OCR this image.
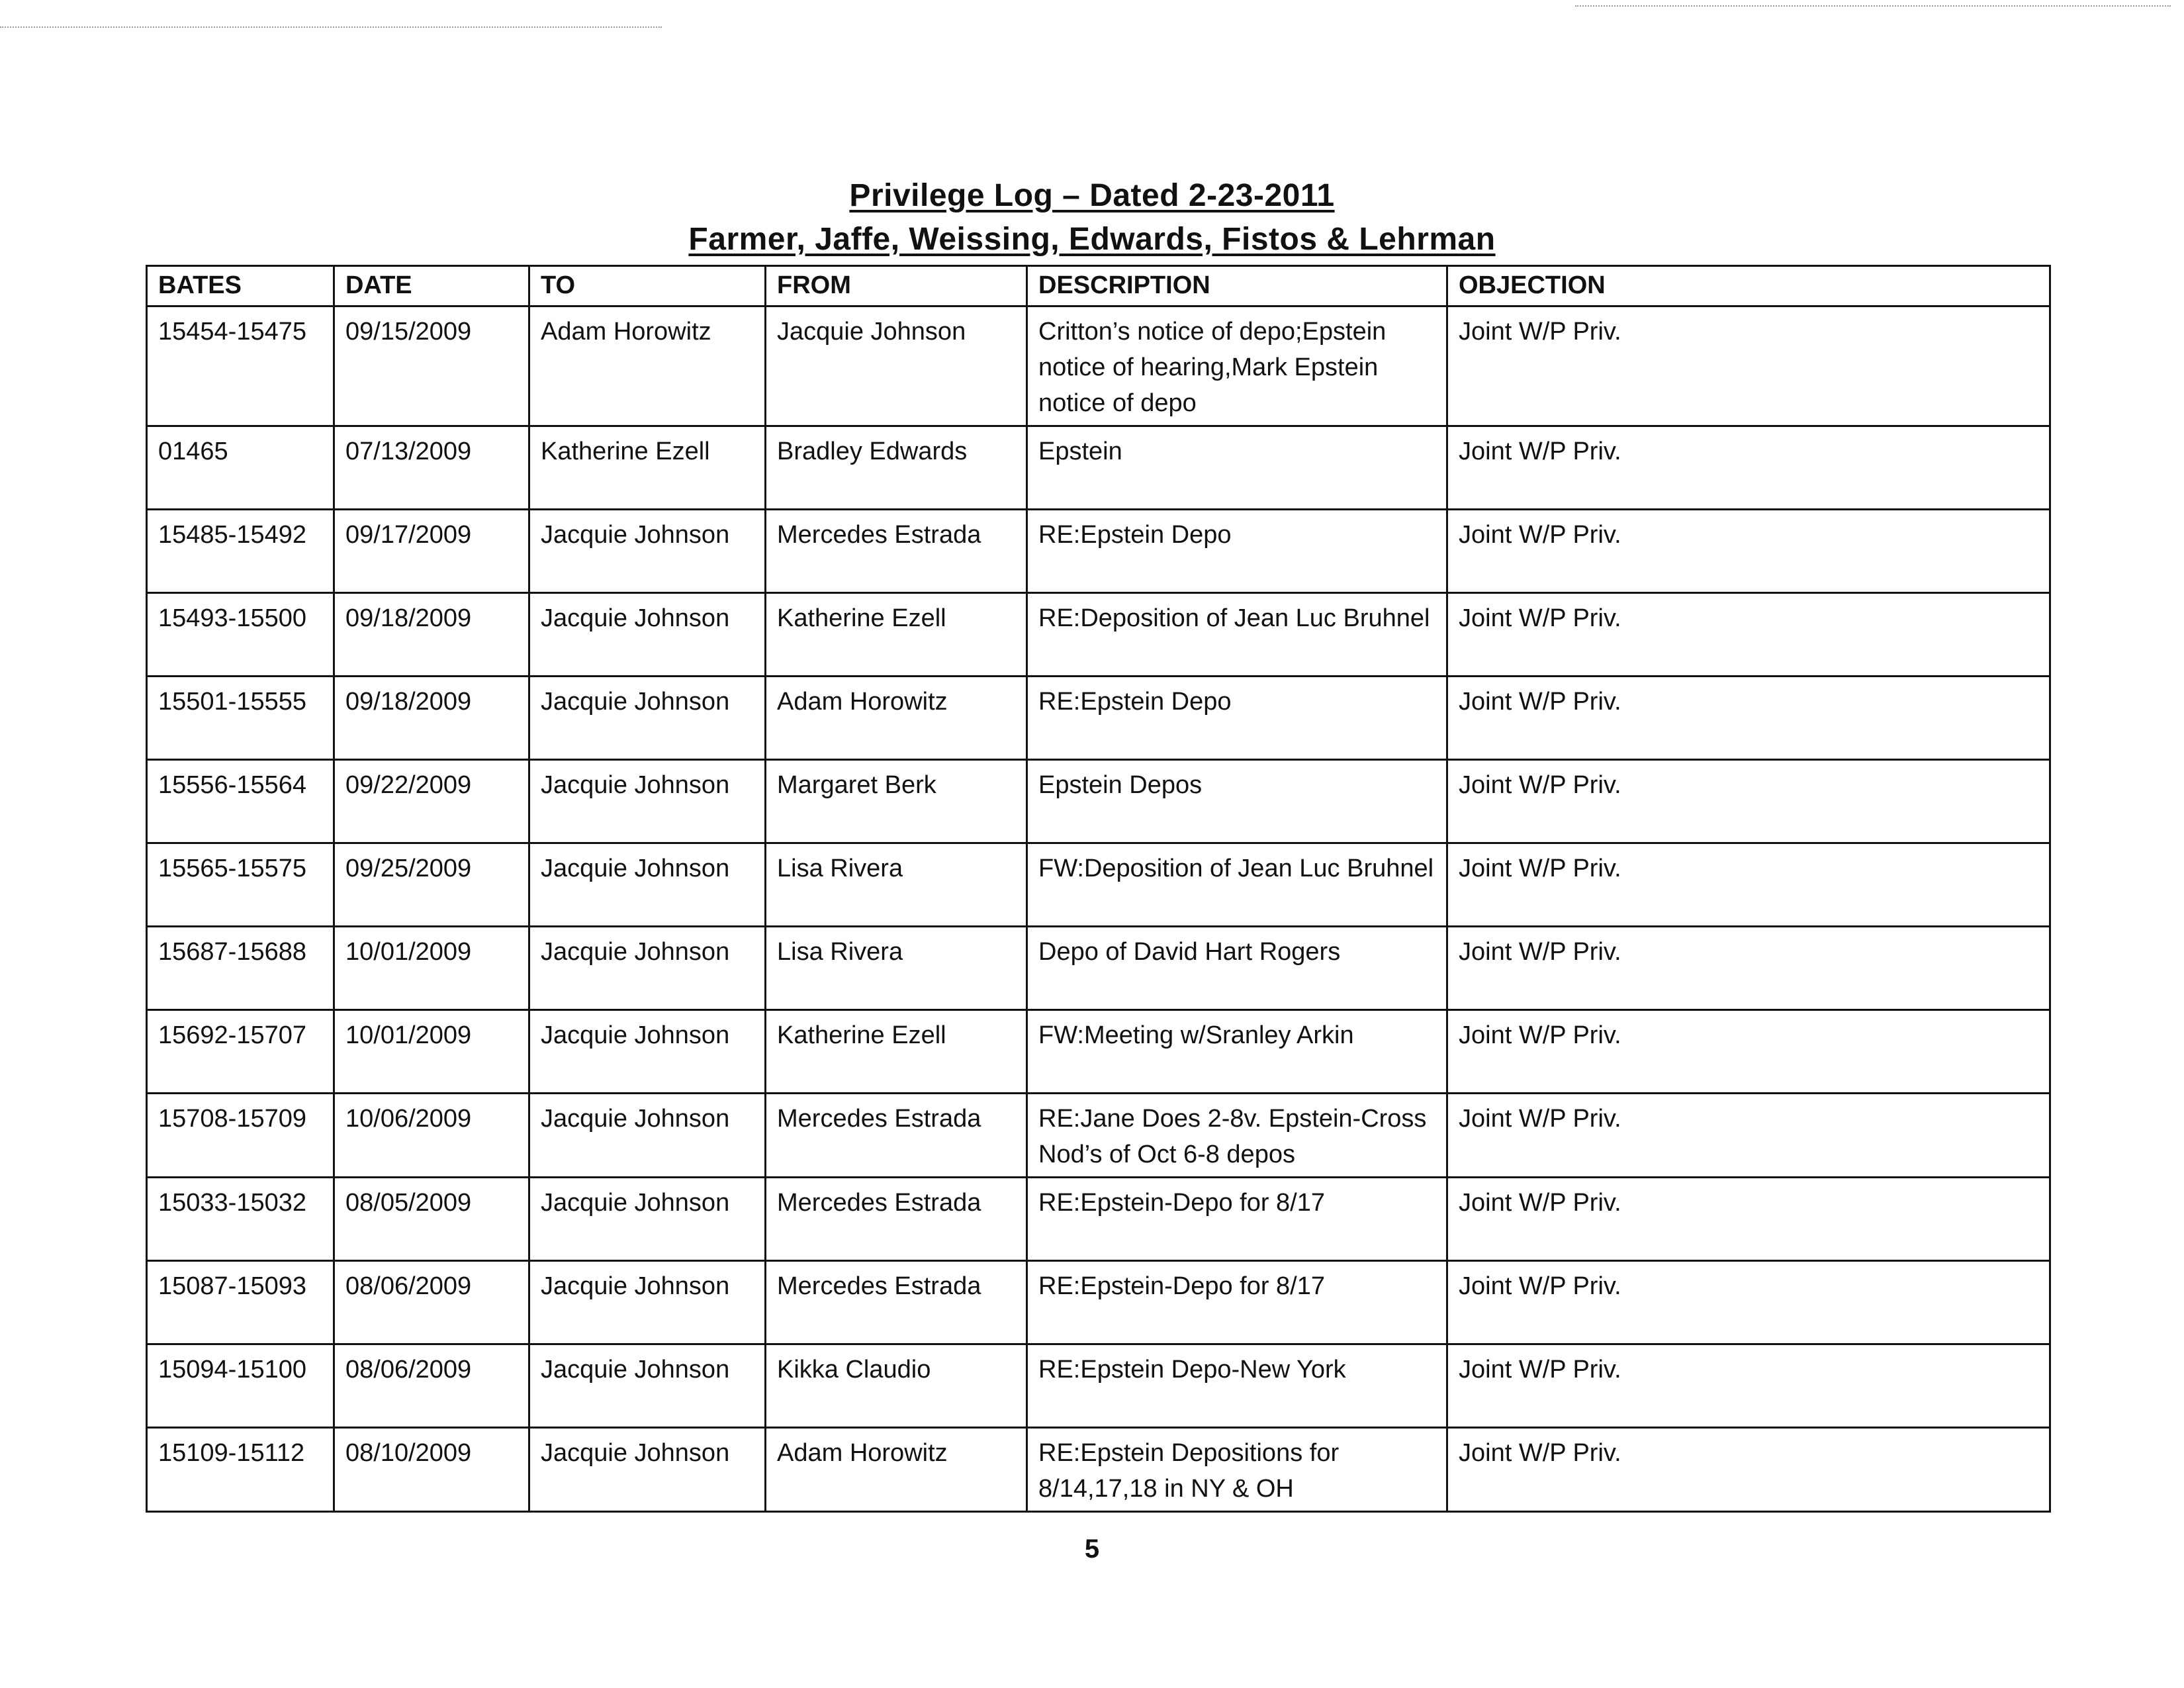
Privilege Log – Dated 2-23-2011
Farmer, Jaffe, Weissing, Edwards, Fistos & Lehrman
BATES	DATE	TO	FROM	DESCRIPTION	OBJECTION
15454-15475	09/15/2009	Adam Horowitz	Jacquie Johnson	Critton’s notice of depo;Epstein notice of hearing,Mark Epstein notice of depo	Joint W/P Priv.
01465	07/13/2009	Katherine Ezell	Bradley Edwards	Epstein	Joint W/P Priv.
15485-15492	09/17/2009	Jacquie Johnson	Mercedes Estrada	RE:Epstein Depo	Joint W/P Priv.
15493-15500	09/18/2009	Jacquie Johnson	Katherine Ezell	RE:Deposition of Jean Luc Bruhnel	Joint W/P Priv.
15501-15555	09/18/2009	Jacquie Johnson	Adam Horowitz	RE:Epstein Depo	Joint W/P Priv.
15556-15564	09/22/2009	Jacquie Johnson	Margaret Berk	Epstein Depos	Joint W/P Priv.
15565-15575	09/25/2009	Jacquie Johnson	Lisa Rivera	FW:Deposition of Jean Luc Bruhnel	Joint W/P Priv.
15687-15688	10/01/2009	Jacquie Johnson	Lisa Rivera	Depo of David Hart Rogers	Joint W/P Priv.
15692-15707	10/01/2009	Jacquie Johnson	Katherine Ezell	FW:Meeting w/Sranley Arkin	Joint W/P Priv.
15708-15709	10/06/2009	Jacquie Johnson	Mercedes Estrada	RE:Jane Does 2-8v. Epstein-Cross Nod’s of Oct 6-8 depos	Joint W/P Priv.
15033-15032	08/05/2009	Jacquie Johnson	Mercedes Estrada	RE:Epstein-Depo for 8/17	Joint W/P Priv.
15087-15093	08/06/2009	Jacquie Johnson	Mercedes Estrada	RE:Epstein-Depo for 8/17	Joint W/P Priv.
15094-15100	08/06/2009	Jacquie Johnson	Kikka Claudio	RE:Epstein Depo-New York	Joint W/P Priv.
15109-15112	08/10/2009	Jacquie Johnson	Adam Horowitz	RE:Epstein Depositions for 8/14,17,18 in NY & OH	Joint W/P Priv.
5
